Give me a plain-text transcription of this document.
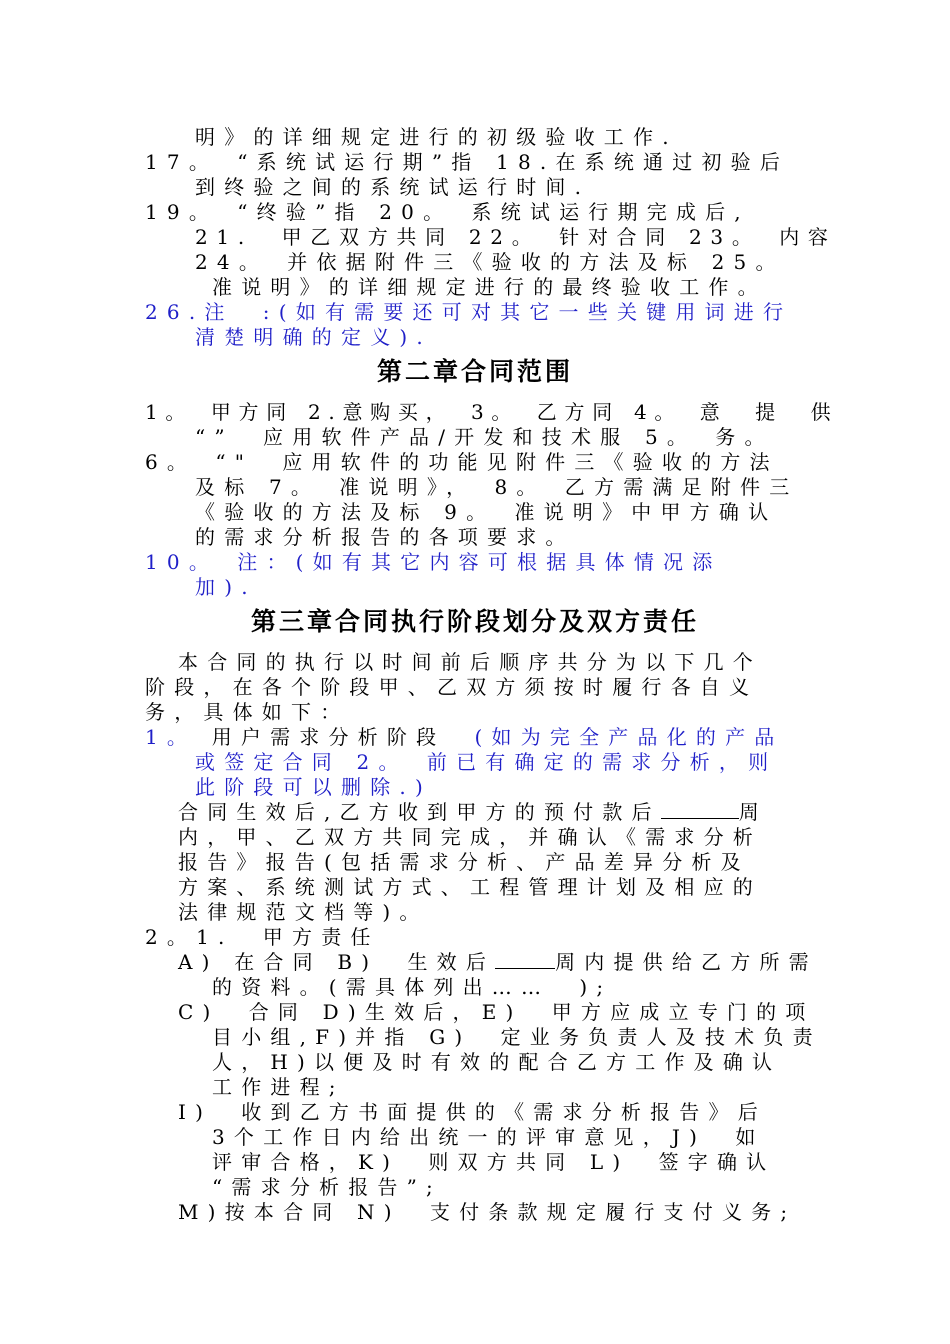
明》的详细规定进行的初级验收工作.
17。　“系统试运行期”指 18.在系统通过初验后
到终验之间的系统试运行时间.
19。　“终验”指 20。　系统试运行期完成后,
21.　甲乙双方共同 22。　针对合同 23。　内容
24。　并依据附件三《验收的方法及标 25。
准说明》的详细规定进行的最终验收工作。
26.注　:(如有需要还可对其它一些关键用词进行
清楚明确的定义).
第二章合同范围
1。　甲方同 2.意购买，　3。　乙方同 4。　意　提　供
“”　应用软件产品/开发和技术服 5。　务。
6。　“"　应用软件的功能见附件三《验收的方法
及标 7。　准说明》，　8。　乙方需满足附件三
《验收的方法及标 9。　准说明》中甲方确认
的需求分析报告的各项要求。
10。　注：(如有其它内容可根据具体情况添
加).
第三章合同执行阶段划分及双方责任
本合同的执行以时间前后顺序共分为以下几个
阶段，在各个阶段甲、乙双方须按时履行各自义
务，具体如下：
1。 用户需求分析阶段　(如为完全产品化的产品
或签定合同 2。　前已有确定的需求分析，则
此阶段可以删除.)
合同生效后,乙方收到甲方的预付款后	周
内，甲、乙双方共同完成，并确认《需求分析
报告》报告(包括需求分析、产品差异分析及
方案、系统测试方式、工程管理计划及相应的
法律规范文档等)。
2。1.　甲方责任
A) 在合同 B)　生效后	周内提供给乙方所需
的资料。(需具体列出……　);
C)　合同 D)生效后，E)　甲方应成立专门的项
目小组,F)并指 G)　定业务负责人及技术负责
人，H)以便及时有效的配合乙方工作及确认
工作进程;
I)　收到乙方书面提供的《需求分析报告》后
3个工作日内给出统一的评审意见，J)　如
评审合格，K)　则双方共同 L)　签字确认
“需求分析报告”;
M)按本合同 N)　支付条款规定履行支付义务;
